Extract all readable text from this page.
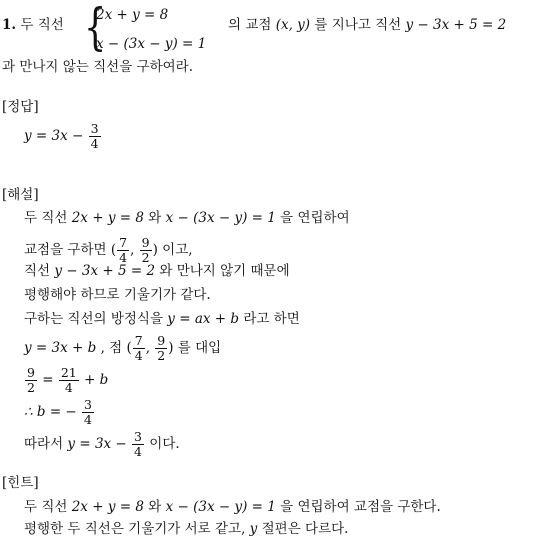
1. 두 직선 {
2x + y = 8
x − (3x − y) = 1
의 교점 (x, y) 를 지나고 직선 y − 3x + 5 = 2
과 만나지 않는 직선을 구하여라.
[정답]
$y = 3x - \frac{3}{4}$
[해설]
두 직선 2x + y = 8 와 x − (3x − y) = 1 을 연립하여
교점을 구하면 ( $\frac{7}{4}$ , $\frac{9}{2}$ ) 이고,
직선 y − 3x + 5 = 2 와 만나지 않기 때문에
평행해야 하므로 기울기가 같다.
구하는 직선의 방정식을 y = ax + b 라고 하면
y = 3x + b , 점 ( $\frac{7}{4}$ , $\frac{9}{2}$ ) 를 대입
$\frac{9}{2} = \frac{21}{4} + b$
∴ b = − $\frac{3}{4}$
따라서 $y = 3x - \frac{3}{4}$ 이다.
[힌트]
두 직선 2x + y = 8 와 x − (3x − y) = 1 을 연립하여 교점을 구한다.
평행한 두 직선은 기울기가 서로 같고, y 절편은 다르다.
